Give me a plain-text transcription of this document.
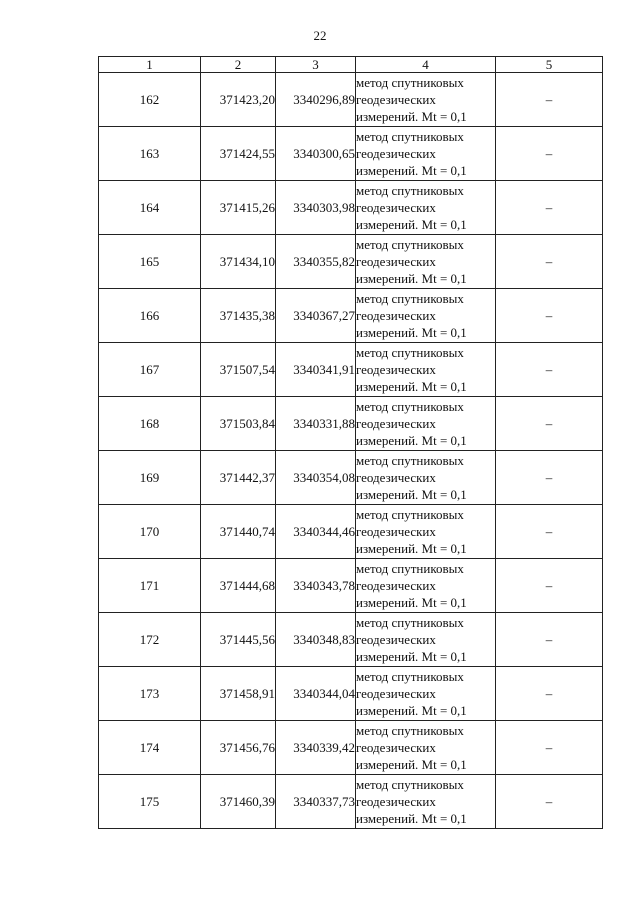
22
1	2	3	4	5
162	371423,20	3340296,89	метод спутниковых
геодезических
измерений. Mt = 0,1	–
163	371424,55	3340300,65	метод спутниковых
геодезических
измерений. Mt = 0,1	–
164	371415,26	3340303,98	метод спутниковых
геодезических
измерений. Mt = 0,1	–
165	371434,10	3340355,82	метод спутниковых
геодезических
измерений. Mt = 0,1	–
166	371435,38	3340367,27	метод спутниковых
геодезических
измерений. Mt = 0,1	–
167	371507,54	3340341,91	метод спутниковых
геодезических
измерений. Mt = 0,1	–
168	371503,84	3340331,88	метод спутниковых
геодезических
измерений. Mt = 0,1	–
169	371442,37	3340354,08	метод спутниковых
геодезических
измерений. Mt = 0,1	–
170	371440,74	3340344,46	метод спутниковых
геодезических
измерений. Mt = 0,1	–
171	371444,68	3340343,78	метод спутниковых
геодезических
измерений. Mt = 0,1	–
172	371445,56	3340348,83	метод спутниковых
геодезических
измерений. Mt = 0,1	–
173	371458,91	3340344,04	метод спутниковых
геодезических
измерений. Mt = 0,1	–
174	371456,76	3340339,42	метод спутниковых
геодезических
измерений. Mt = 0,1	–
175	371460,39	3340337,73	метод спутниковых
геодезических
измерений. Mt = 0,1	–
